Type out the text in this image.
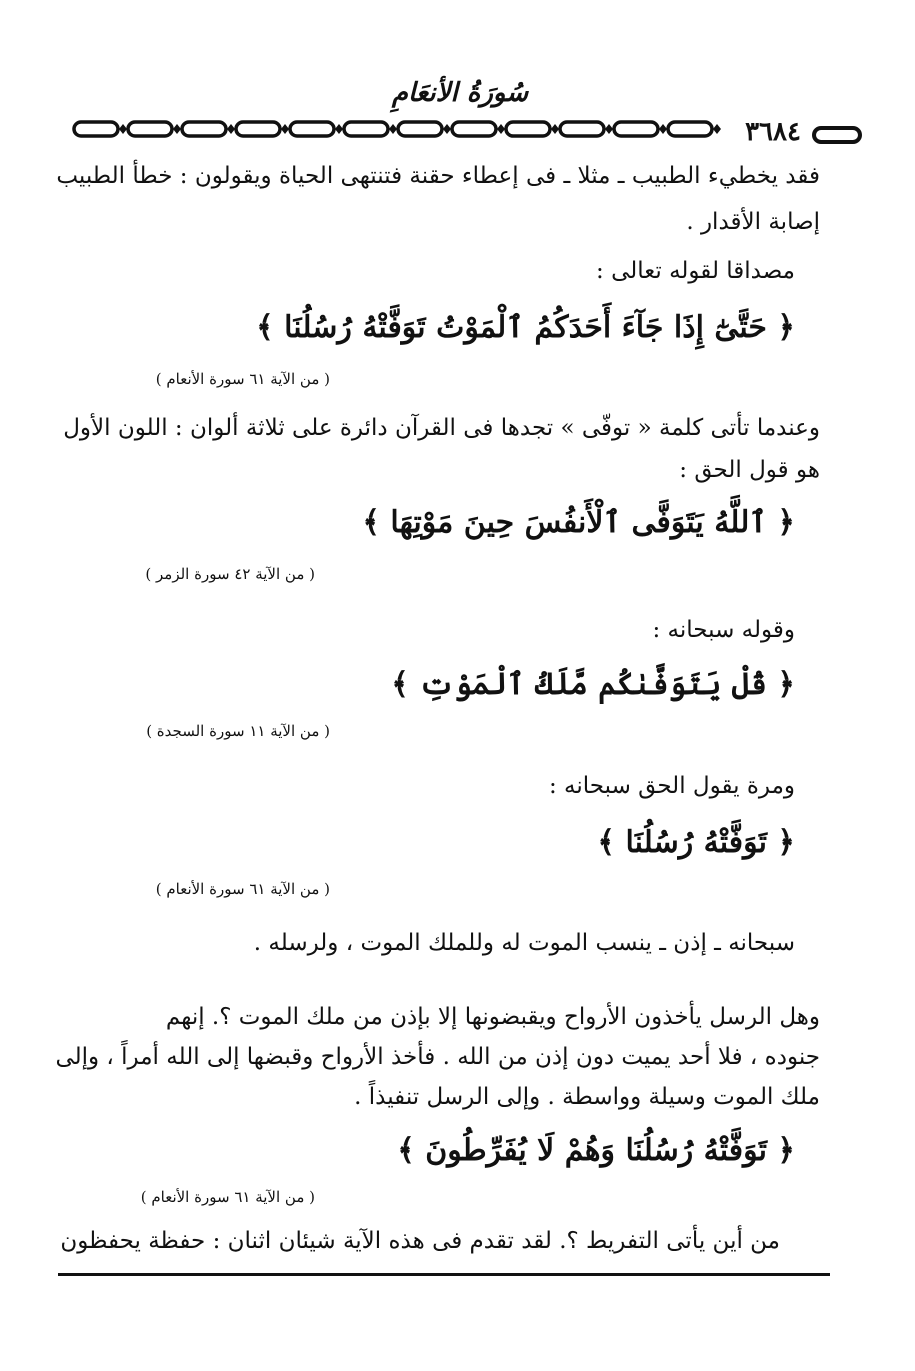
سُورَةُ الأنعَامِ
٣٦٨٤
فقد يخطيء الطبيب ـ مثلا ـ فى إعطاء حقنة فتنتهى الحياة ويقولون : خطأ الطبيب
إصابة الأقدار .
مصداقا لقوله تعالى :
﴿ حَتَّىٰٓ إِذَا جَآءَ أَحَدَكُمُ ٱلْمَوْتُ تَوَفَّتْهُ رُسُلُنَا ﴾
( من الآية ٦١ سورة الأنعام )
وعندما تأتى كلمة « توفّى » تجدها فى القرآن دائرة على ثلاثة ألوان : اللون الأول
هو قول الحق :
﴿ ٱللَّهُ يَتَوَفَّى ٱلْأَنفُسَ حِينَ مَوْتِهَا ﴾
( من الآية ٤٢ سورة الزمر )
وقوله سبحانه :
﴿ قُلْ يَتَوَفَّىٰكُم مَّلَكُ ٱلْمَوْتِ ﴾
( من الآية ١١ سورة السجدة )
ومرة يقول الحق سبحانه :
﴿ تَوَفَّتْهُ رُسُلُنَا ﴾
( من الآية ٦١ سورة الأنعام )
سبحانه ـ إذن ـ ينسب الموت له وللملك الموت ، ولرسله .
وهل الرسل يأخذون الأرواح ويقبضونها إلا بإذن من ملك الموت ؟. إنهم
جنوده ، فلا أحد يميت دون إذن من الله . فأخذ الأرواح وقبضها إلى الله أمراً ، وإلى
ملك الموت وسيلة وواسطة . وإلى الرسل تنفيذاً .
﴿ تَوَفَّتْهُ رُسُلُنَا وَهُمْ لَا يُفَرِّطُونَ ﴾
( من الآية ٦١ سورة الأنعام )
من أين يأتى التفريط ؟. لقد تقدم فى هذه الآية شيئان اثنان : حفظة يحفظون
